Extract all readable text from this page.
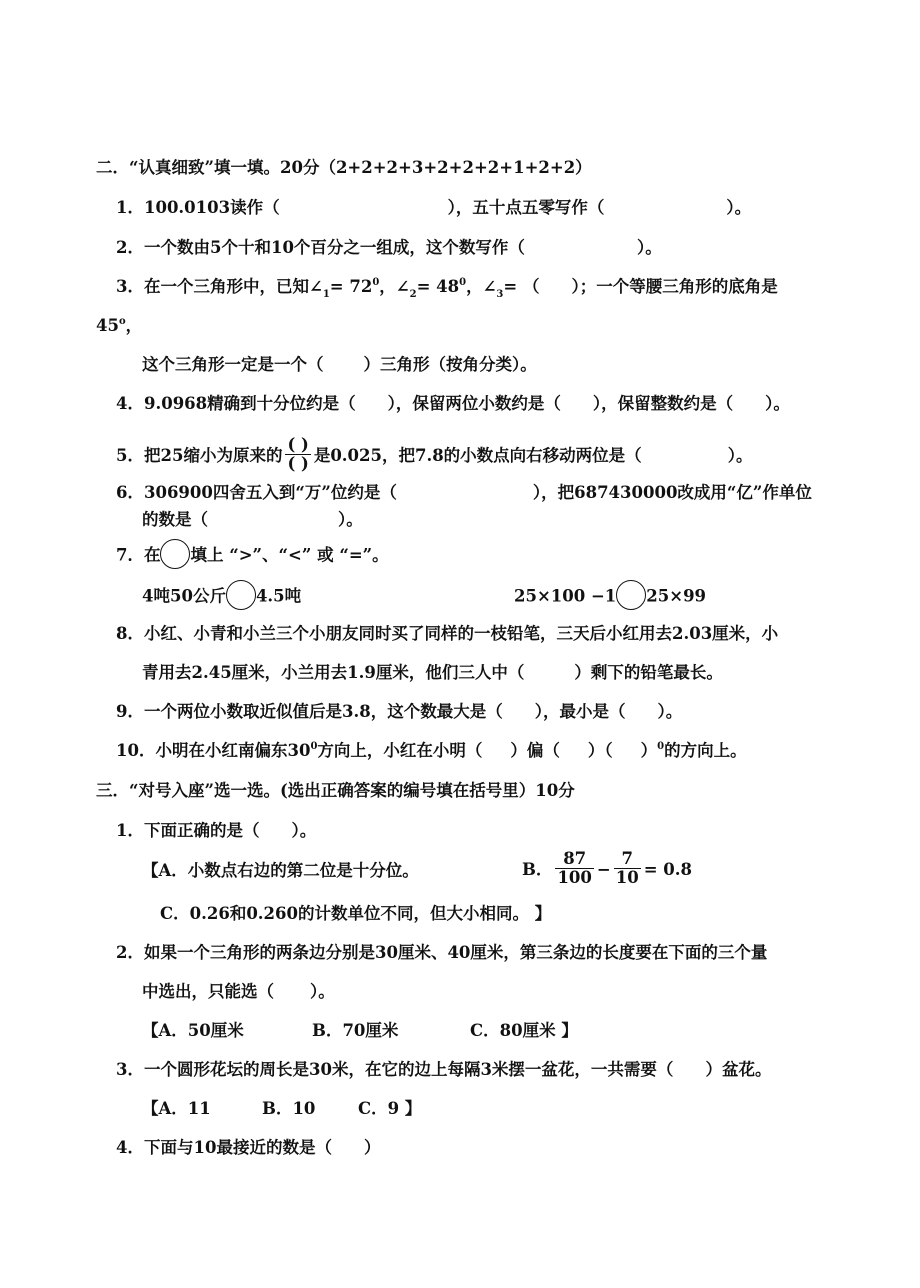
二．“认真细致”填一填。20分（2+2+2+3+2+2+2+1+2+2）
1．100.0103读作（	），五十点五零写作（	）。
2．一个数由5个十和10个百分之一组成，这个数写作（	）。
3．在一个三角形中，已知$\angle_1= 72^0$，$\angle_2= 48^0$，$\angle_3=$ （ ）；一个等腰三角形的底角是
45$^o$，
这个三角形一定是一个（ ）三角形（按角分类）。
4．9.0968精确到十分位约是（ ），保留两位小数约是（ ），保留整数约是（ ）。
5．把25缩小为原来的 $\frac{( )}{( )}$ 是0.025，把7.8的小数点向右移动两位是（	）。
6．306900四舍五入到“万”位约是（	），把687430000改成用“亿”作单位
的数是（	）。
7．在 填上 “>”、“<” 或 “=”。
4吨50公斤 4.5吨	25×100 −1 25×99
8．小红、小青和小兰三个小朋友同时买了同样的一枝铅笔，三天后小红用去2.03厘米，小
青用去2.45厘米，小兰用去1.9厘米，他们三人中（	）剩下的铅笔最长。
9．一个两位小数取近似值后是3.8，这个数最大是（ ），最小是（ ）。
10．小明在小红南偏东$30^0$方向上，小红在小明（ ）偏（ ）（ ）$^0$的方向上。
三．“对号入座”选一选。(选出正确答案的编号填在括号里）10分
1．下面正确的是（ ）。
【A．小数点右边的第二位是十分位。	B． $\frac{87}{100} - \frac{7}{10} = 0.8$
C．0.26和0.260的计数单位不同，但大小相同。 】
2．如果一个三角形的两条边分别是30厘米、40厘米，第三条边的长度要在下面的三个量
中选出，只能选（ ）。
【A．50厘米	B．70厘米	C．80厘米 】
3．一个圆形花坛的周长是30米，在它的边上每隔3米摆一盆花，一共需要（ ）盆花。
【A．11	B．10	C．9 】
4．下面与10最接近的数是（ ）
